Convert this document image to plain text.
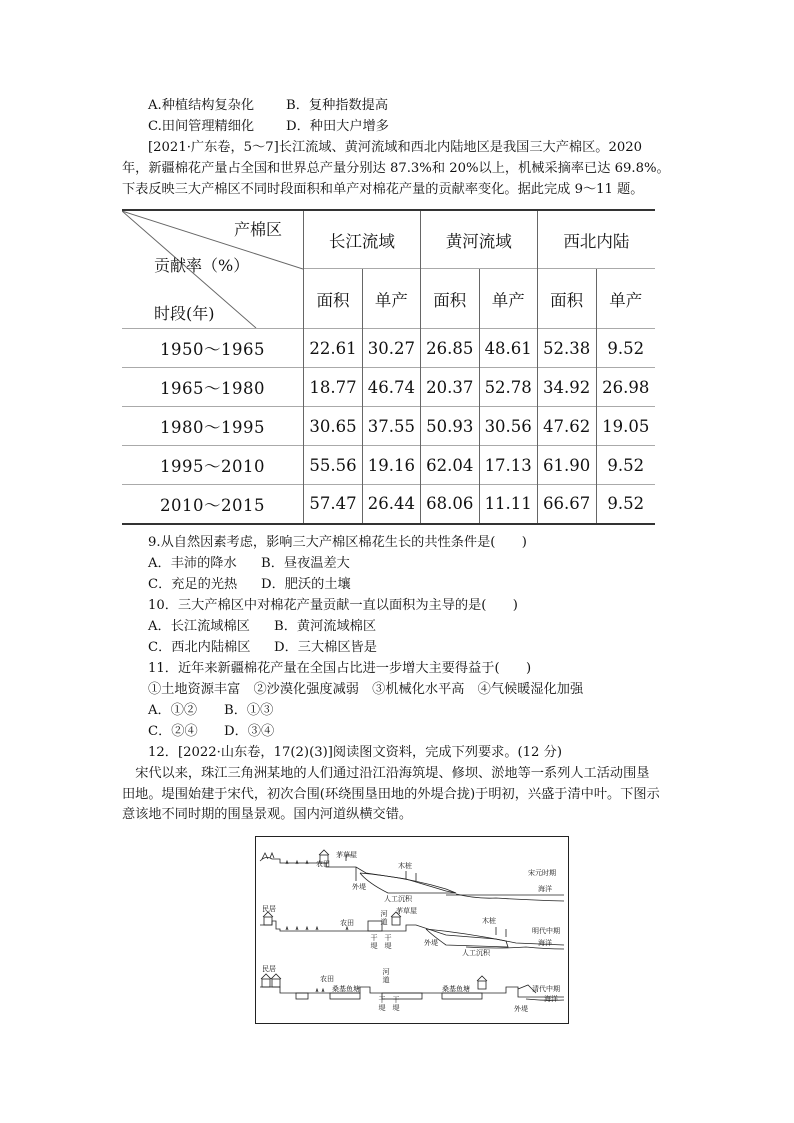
A.种植结构复杂化 B．复种指数提高
C.田间管理精细化 D．种田大户增多
[2021·广东卷，5～7]长江流域、黄河流域和西北内陆地区是我国三大产棉区。2020
年，新疆棉花产量占全国和世界总产量分别达 87.3%和 20%以上，机械采摘率已达 69.8%。
下表反映三大产棉区不同时段面积和单产对棉花产量的贡献率变化。据此完成 9～11 题。
产棉区
贡献率（%）
时段(年)	长江流域		黄河流域		西北内陆	
	面积	单产	面积	单产	面积	单产
1950～1965	22.61	30.27	26.85	48.61	52.38	9.52
1965～1980	18.77	46.74	20.37	52.78	34.92	26.98
1980～1995	30.65	37.55	50.93	30.56	47.62	19.05
1995～2010	55.56	19.16	62.04	17.13	61.90	9.52
2010～2015	57.47	26.44	68.06	11.11	66.67	9.52
9.从自然因素考虑，影响三大产棉区棉花生长的共性条件是(　　)
A．丰沛的降水 B．昼夜温差大
C．充足的光热 D．肥沃的土壤
10．三大产棉区中对棉花产量贡献一直以面积为主导的是(　　)
A．长江流域棉区 B．黄河流域棉区
C．西北内陆棉区 D．三大棉区皆是
11．近年来新疆棉花产量在全国占比进一步增大主要得益于(　　)
①土地资源丰富　②沙漠化强度减弱　③机械化水平高　④气候暖湿化加强
A．①② B．①③
C．②④ D．③④
12．[2022·山东卷，17(2)(3)]阅读图文资料，完成下列要求。(12 分)
宋代以来，珠江三角洲某地的人们通过沿江沿海筑堤、修坝、淤地等一系列人工活动围垦田地。堤围始建于宋代，初次合围(环绕围垦田地的外堤合拢)于明初，兴盛于清中叶。下图示意该地不同时期的围垦景观。国内河道纵横交错。
茅草屋
农田	木桩
外堤
人工沉积
宋元时期
海洋
民居
农田
茅草屋
木桩
外堤
河道
干堤
干堤
人工沉积
明代中期
海洋
民居
农田
桑基鱼塘	桑基鱼塘
河道
干堤
干堤	外堤
清代中期
海洋
